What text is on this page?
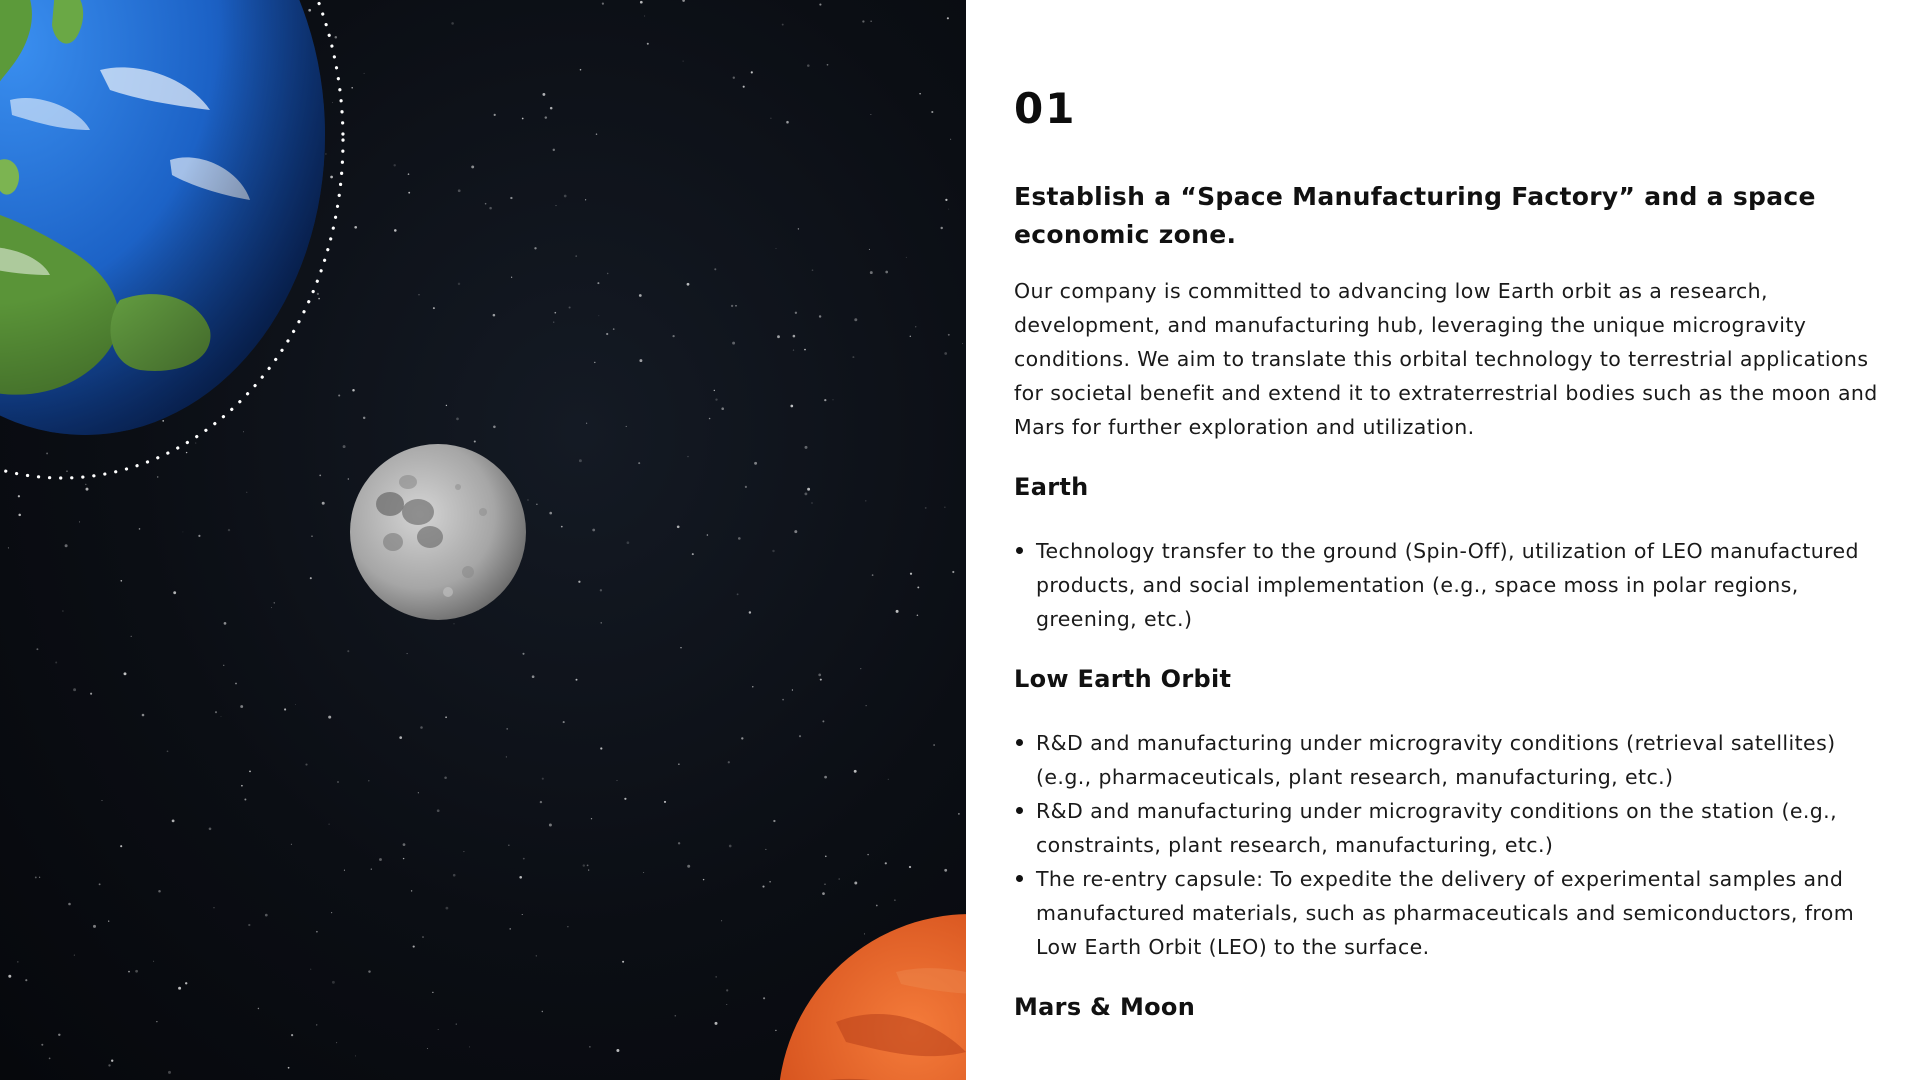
01
Establish a “Space Manufacturing Factory” and a space economic zone.

Our company is committed to advancing low Earth orbit as a research, development, and manufacturing hub, leveraging the unique microgravity conditions. We aim to translate this orbital technology to terrestrial applications for societal benefit and extend it to extraterrestrial bodies such as the moon and Mars for further exploration and utilization.

Earth
Technology transfer to the ground (Spin-Off), utilization of LEO manufactured products, and social implementation (e.g., space moss in polar regions, greening, etc.)
Low Earth Orbit
R&D and manufacturing under microgravity conditions (retrieval satellites) (e.g., pharmaceuticals, plant research, manufacturing, etc.)
R&D and manufacturing under microgravity conditions on the station (e.g., constraints, plant research, manufacturing, etc.)
The re-entry capsule: To expedite the delivery of experimental samples and manufactured materials, such as pharmaceuticals and semiconductors, from Low Earth Orbit (LEO) to the surface.
Mars & Moon
